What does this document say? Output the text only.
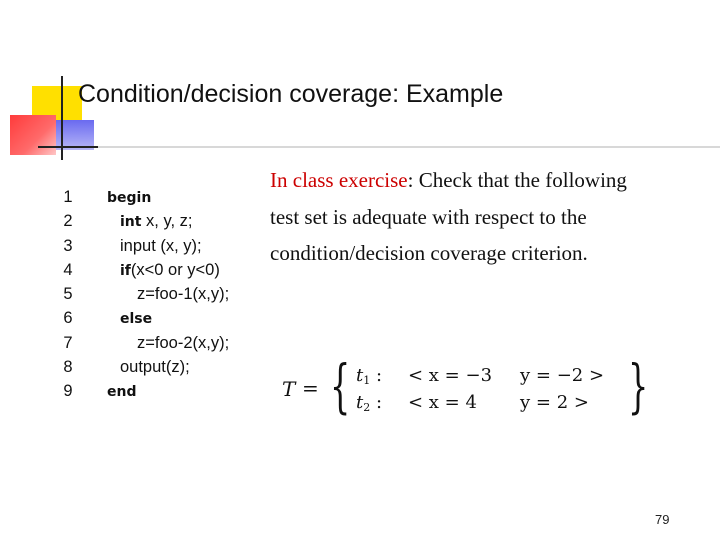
Condition/decision coverage: Example
1 begin
2	int x, y, z;
3	input (x, y);
4	if(x<0 or y<0)
5	z=foo-1(x,y);
6	else
7	z=foo-2(x,y);
8	output(z);
9 end
In class exercise: Check that the following test set is adequate with respect to the condition/decision coverage criterion.
T = { t1 : < x = −3 y = −2 >
t2 : < x = 4 y = 2 > }
79
